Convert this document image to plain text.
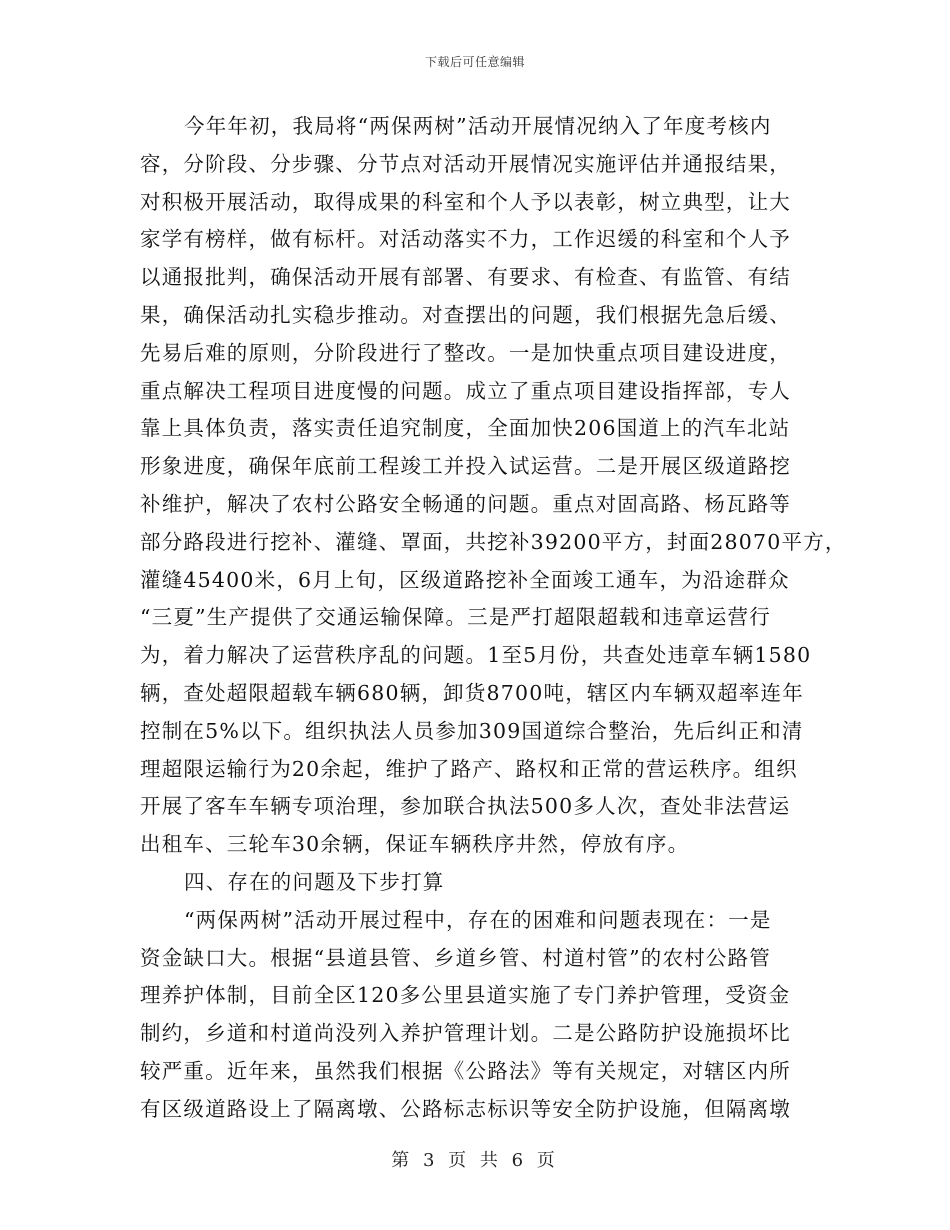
下载后可任意编辑
今年年初，我局将“两保两树”活动开展情况纳入了年度考核内
容，分阶段、分步骤、分节点对活动开展情况实施评估并通报结果，
对积极开展活动，取得成果的科室和个人予以表彰，树立典型，让大
家学有榜样，做有标杆。对活动落实不力，工作迟缓的科室和个人予
以通报批判，确保活动开展有部署、有要求、有检查、有监管、有结
果，确保活动扎实稳步推动。对查摆出的问题，我们根据先急后缓、
先易后难的原则，分阶段进行了整改。一是加快重点项目建设进度，
重点解决工程项目进度慢的问题。成立了重点项目建设指挥部，专人
靠上具体负责，落实责任追究制度，全面加快206国道上的汽车北站
形象进度，确保年底前工程竣工并投入试运营。二是开展区级道路挖
补维护，解决了农村公路安全畅通的问题。重点对固高路、杨瓦路等
部分路段进行挖补、灌缝、罩面，共挖补39200平方，封面28070平方，
灌缝45400米，6月上旬，区级道路挖补全面竣工通车，为沿途群众
“三夏”生产提供了交通运输保障。三是严打超限超载和违章运营行
为，着力解决了运营秩序乱的问题。1至5月份，共查处违章车辆1580
辆，查处超限超载车辆680辆，卸货8700吨，辖区内车辆双超率连年
控制在5%以下。组织执法人员参加309国道综合整治，先后纠正和清
理超限运输行为20余起，维护了路产、路权和正常的营运秩序。组织
开展了客车车辆专项治理，参加联合执法500多人次，查处非法营运
出租车、三轮车30余辆，保证车辆秩序井然，停放有序。
四、存在的问题及下步打算
“两保两树”活动开展过程中，存在的困难和问题表现在：一是
资金缺口大。根据“县道县管、乡道乡管、村道村管”的农村公路管
理养护体制，目前全区120多公里县道实施了专门养护管理，受资金
制约，乡道和村道尚没列入养护管理计划。二是公路防护设施损坏比
较严重。近年来，虽然我们根据《公路法》等有关规定，对辖区内所
有区级道路设上了隔离墩、公路标志标识等安全防护设施，但隔离墩
第 3 页 共 6 页
